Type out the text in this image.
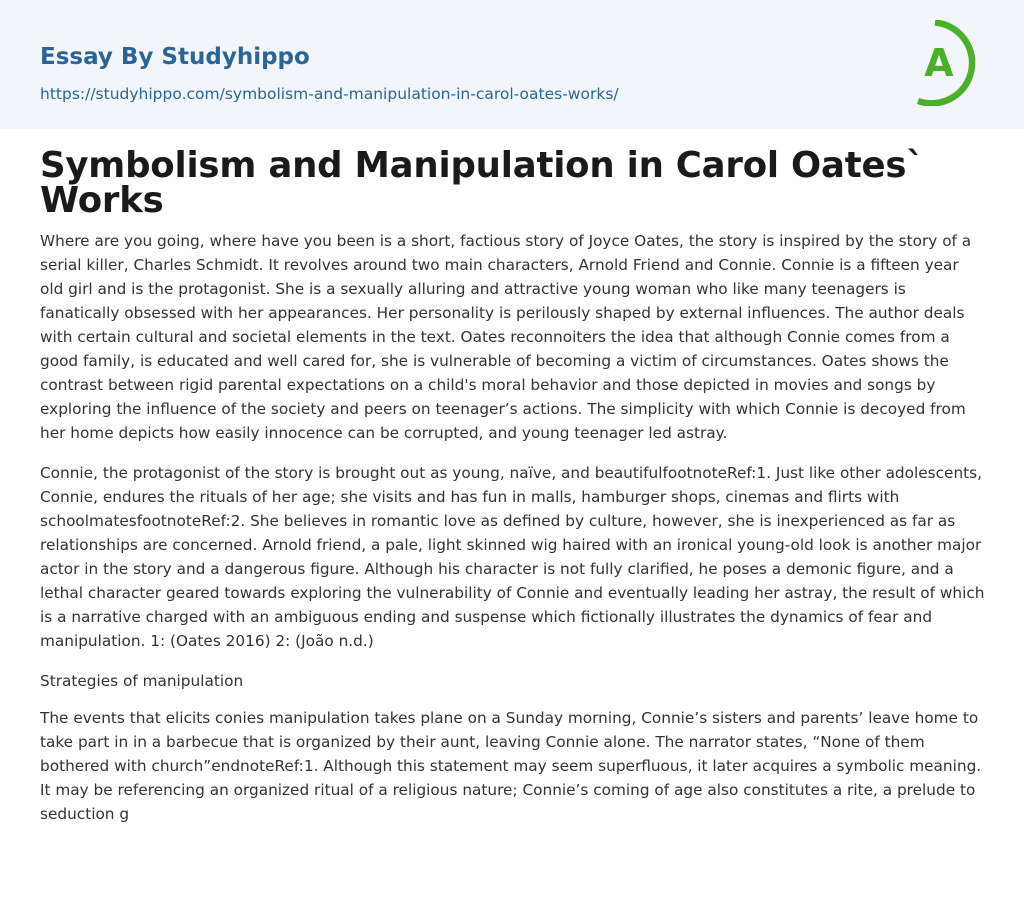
Essay By Studyhippo
https://studyhippo.com/symbolism-and-manipulation-in-carol-oates-works/
A
Symbolism and Manipulation in Carol Oates` Works

Where are you going, where have you been is a short, factious story of Joyce Oates, the story is inspired by the story of a serial killer, Charles Schmidt. It revolves around two main characters, Arnold Friend and Connie. Connie is a fifteen year old girl and is the protagonist. She is a sexually alluring and attractive young woman who like many teenagers is fanatically obsessed with her appearances. Her personality is perilously shaped by external influences. The author deals with certain cultural and societal elements in the text. Oates reconnoiters the idea that although Connie comes from a good family, is educated and well cared for, she is vulnerable of becoming a victim of circumstances. Oates shows the contrast between rigid parental expectations on a child's moral behavior and those depicted in movies and songs by exploring the influence of the society and peers on teenager’s actions. The simplicity with which Connie is decoyed from her home depicts how easily innocence can be corrupted, and young teenager led astray.

Connie, the protagonist of the story is brought out as young, naïve, and beautifulfootnoteRef:1. Just like other adolescents, Connie, endures the rituals of her age; she visits and has fun in malls, hamburger shops, cinemas and flirts with schoolmatesfootnoteRef:2. She believes in romantic love as defined by culture, however, she is inexperienced as far as relationships are concerned. Arnold friend, a pale, light skinned wig haired with an ironical young-old look is another major actor in the story and a dangerous figure. Although his character is not fully clarified, he poses a demonic figure, and a lethal character geared towards exploring the vulnerability of Connie and eventually leading her astray, the result of which is a narrative charged with an ambiguous ending and suspense which fictionally illustrates the dynamics of fear and manipulation. 1: (Oates 2016) 2: (João n.d.)

Strategies of manipulation

The events that elicits conies manipulation takes plane on a Sunday morning, Connie’s sisters and parents’ leave home to take part in in a barbecue that is organized by their aunt, leaving Connie alone. The narrator states, “None of them bothered with church”endnoteRef:1. Although this statement may seem superfluous, it later acquires a symbolic meaning. It may be referencing an organized ritual of a religious nature; Connie’s coming of age also constitutes a rite, a prelude to seduction g
